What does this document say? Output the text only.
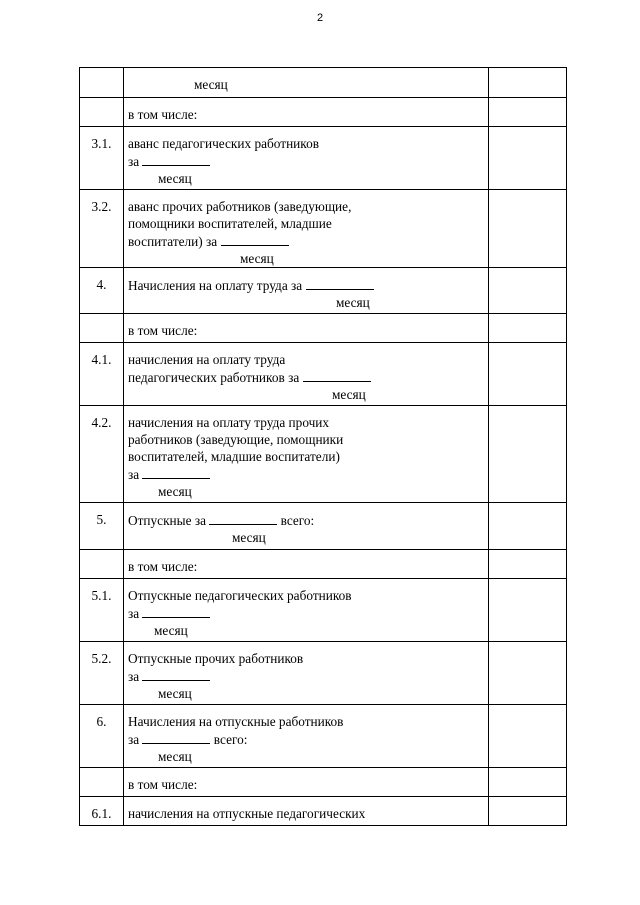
2

	месяц	

	в том числе:	

3.1.	аванс педагогических работников
за
месяц	

3.2.	аванс прочих работников (заведующие,
помощники воспитателей, младшие
воспитатели) за
месяц	

4.	Начисления на оплату труда за
месяц	

	в том числе:	

4.1.	начисления на оплату труда
педагогических работников за
месяц	

4.2.	начисления на оплату труда прочих
работников (заведующие, помощники
воспитателей, младшие воспитатели)
за
месяц	

5.	Отпускные за всего:
месяц	

	в том числе:	

5.1.	Отпускные педагогических работников
за
месяц	

5.2.	Отпускные прочих работников
за
месяц	

6.	Начисления на отпускные работников
за всего:
месяц	

	в том числе:	

6.1.	начисления на отпускные педагогических	
